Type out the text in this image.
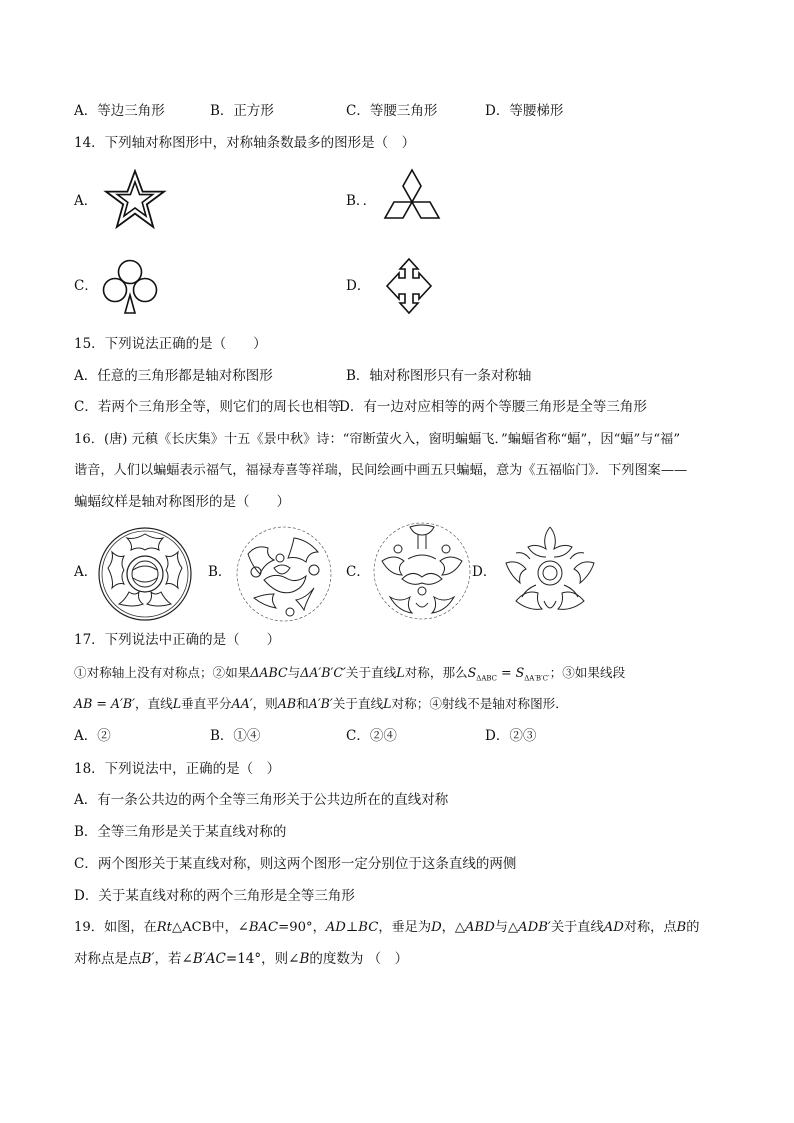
A．等边三角形	B．正方形	C．等腰三角形	D．等腰梯形
14．下列轴对称图形中，对称轴条数最多的图形是（　）
A．	B．．
C．	D．
15．下列说法正确的是（　　）
A．任意的三角形都是轴对称图形	B．轴对称图形只有一条对称轴
C．若两个三角形全等，则它们的周长也相等
D．有一边对应相等的两个等腰三角形是全等三角形
16．(唐) 元稹《长庆集》十五《景中秋》诗：“帘断萤火入，窗明蝙蝠飞．”蝙蝠省称“蝠”，因“蝠”与“福”
谐音，人们以蝙蝠表示福气，福禄寿喜等祥瑞，民间绘画中画五只蝙蝠，意为《五福临门》．下列图案——
蝙蝠纹样是轴对称图形的是（　　）
A．	B．	C．	D．
17．下列说法中正确的是（　　）
①对称轴上没有对称点；②如果ΔABC与ΔA′B′C′关于直线L对称，那么$S_{\Delta ABC} = S_{\Delta A'B'C'}$；③如果线段
AB = A′B′，直线L垂直平分AA′，则AB和A′B′关于直线L对称；④射线不是轴对称图形．
A．②	B．①④	C．②④	D．②③
18．下列说法中，正确的是（　）
A．有一条公共边的两个全等三角形关于公共边所在的直线对称
B．全等三角形是关于某直线对称的
C．两个图形关于某直线对称，则这两个图形一定分别位于这条直线的两侧
D．关于某直线对称的两个三角形是全等三角形
19．如图，在Rt△ACB中，∠BAC=90°，AD⊥BC，垂足为D，△ABD与△ADB′关于直线AD对称，点B的
对称点是点B′，若∠B′AC=14°，则∠B的度数为 （　）
